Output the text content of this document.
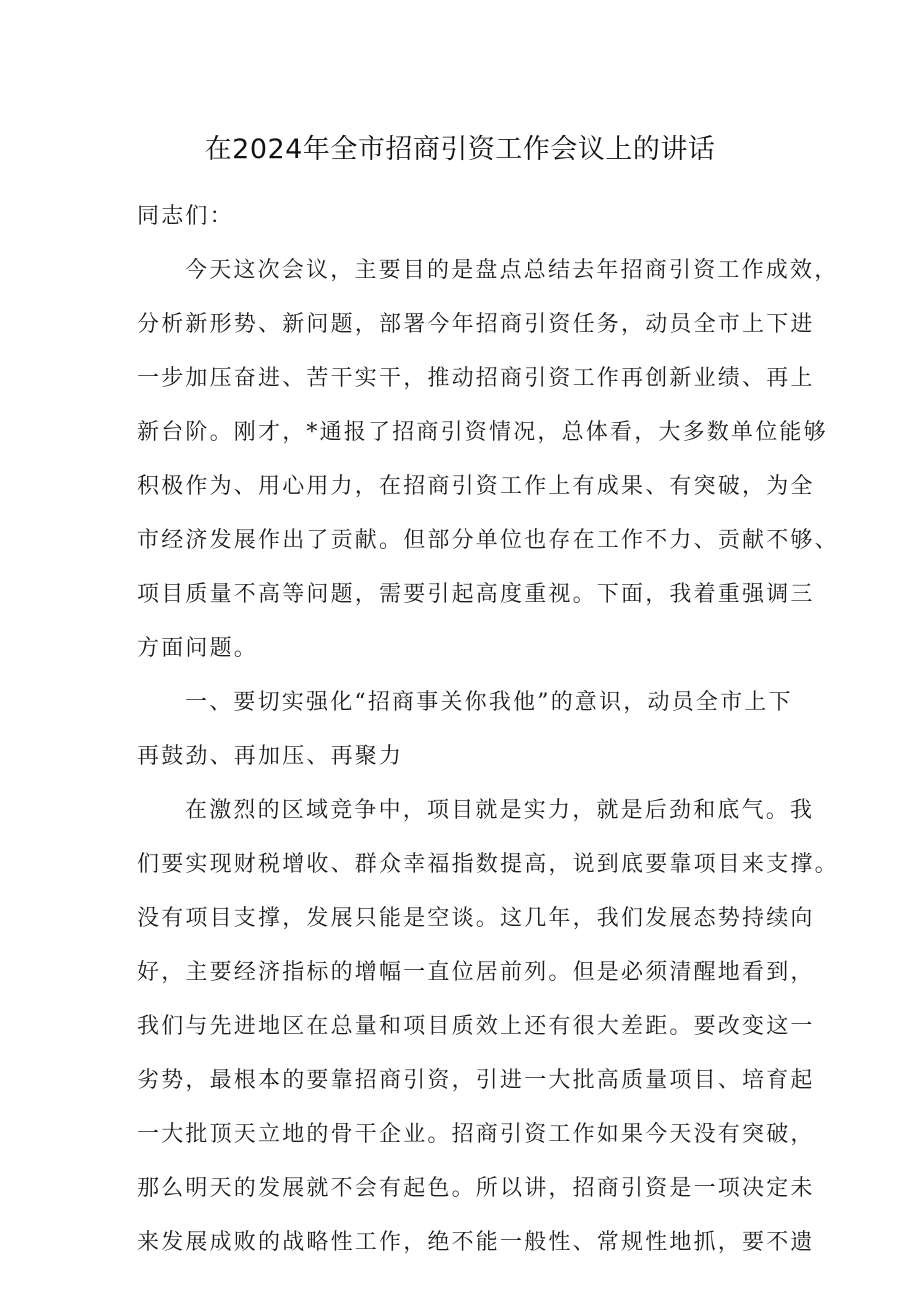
在2024年全市招商引资工作会议上的讲话
同志们：
今天这次会议，主要目的是盘点总结去年招商引资工作成效，
分析新形势、新问题，部署今年招商引资任务，动员全市上下进
一步加压奋进、苦干实干，推动招商引资工作再创新业绩、再上
新台阶。刚才，*通报了招商引资情况，总体看，大多数单位能够
积极作为、用心用力，在招商引资工作上有成果、有突破，为全
市经济发展作出了贡献。但部分单位也存在工作不力、贡献不够、
项目质量不高等问题，需要引起高度重视。下面，我着重强调三
方面问题。
一、要切实强化“招商事关你我他”的意识，动员全市上下
再鼓劲、再加压、再聚力
在激烈的区域竞争中，项目就是实力，就是后劲和底气。我
们要实现财税增收、群众幸福指数提高，说到底要靠项目来支撑。
没有项目支撑，发展只能是空谈。这几年，我们发展态势持续向
好，主要经济指标的增幅一直位居前列。但是必须清醒地看到，
我们与先进地区在总量和项目质效上还有很大差距。要改变这一
劣势，最根本的要靠招商引资，引进一大批高质量项目、培育起
一大批顶天立地的骨干企业。招商引资工作如果今天没有突破，
那么明天的发展就不会有起色。所以讲，招商引资是一项决定未
来发展成败的战略性工作，绝不能一般性、常规性地抓，要不遗
